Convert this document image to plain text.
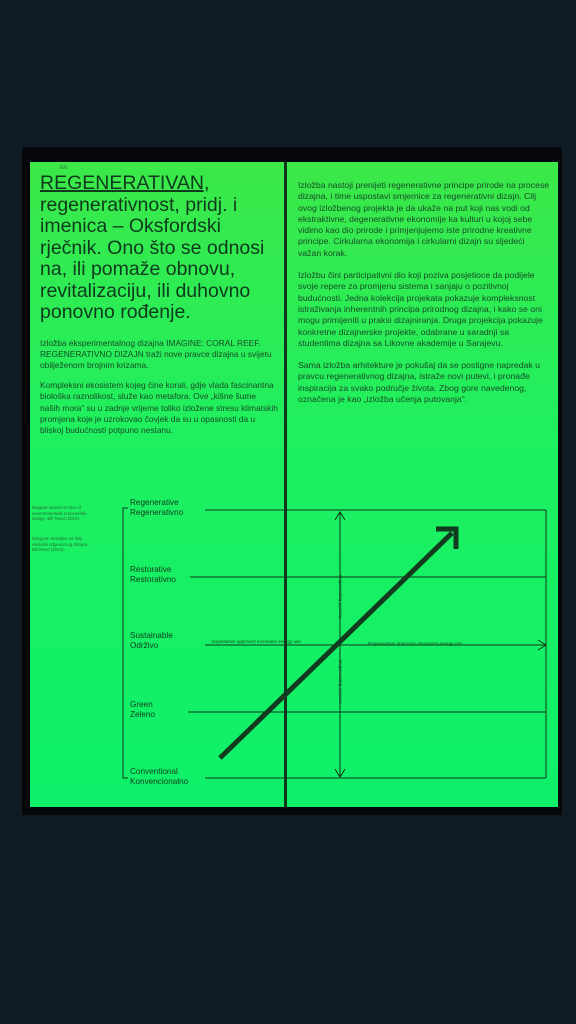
EN
REGENERATIVAN, regenerativnost, pridj. i imenica – Oksfordski rječnik. Ono što se odnosi na, ili pomaže obnovu, revitalizaciju, ili duhovno ponovno rođenje.

Izložba eksperimentalnog dizajna IMAGINE: CORAL REEF. REGENERATIVNO DIZAJN traži nove pravce dizajna u svijetu obilježenom brojnim krizama.

Kompleksni ekosistem kojeg čine korali, gdje vlada fascinantna biološka raznolikost, služe kao metafora. Ove „kišne šume naših mora“ su u zadnje vrijeme toliko izložene stresu klimatskih promjena koje je uzrokovao čovjek da su u opasnosti da u bliskoj budućnosti potpuno nestanu.

Izložba nastoji prenijeti regenerativne principe prirode na procese dizajna, i time uspostavi smjernice za regenerativni dizajn. Cilj ovog izložbenog projekta je da ukaže na put koji nas vodi od ekstraktivne, degenerativne ekonomije ka kulturi u kojoj sebe vidimo kao dio prirode i primjenjujemo iste prirodne kreativne principe. Cirkularna ekonomija i cirkularni dizajn su sljedeći važan korak.

Izložbu čini participativni dio koji poziva posjetioce da podijele svoje repere za promjenu sistema i sanjaju o pozitivnoj budućnosti. Jedna kolekcija projekata pokazuje kompleksnost istraživanja inherentnih principa prirodnog dizajna, i kako se oni mogu primijeniti u praksi dizajniranja. Druga projekcija pokazuje konkretne dizajnerske projekte, odabrane u saradnji sa studentima dizajna sa Likovne akademije u Sarajevu.

Sama izložba arhitekture je pokušaj da se postigne napredak u pravcu regenerativnog dizajna, istraže novi putevi, i pronađe inspiracija za svako područje života. Zbog gore navedenog, označena je kao „izložba učenja putovanja“.

Diagram based on line of environmentally responsible design, Bill Reed (2010).
Dijagram temeljen na liniji ekološki odgovornog dizajna, Bill Reed (2010).
Regenerative
Regenerativno
Restorative
Restorativno
Sustainable
Održivo
Green
Zeleno
Conventional
Konvencionalno
Exploitative approach increases energy use	Regenerative approach decreases energy use
Regenerating systems
Degenerating systems
